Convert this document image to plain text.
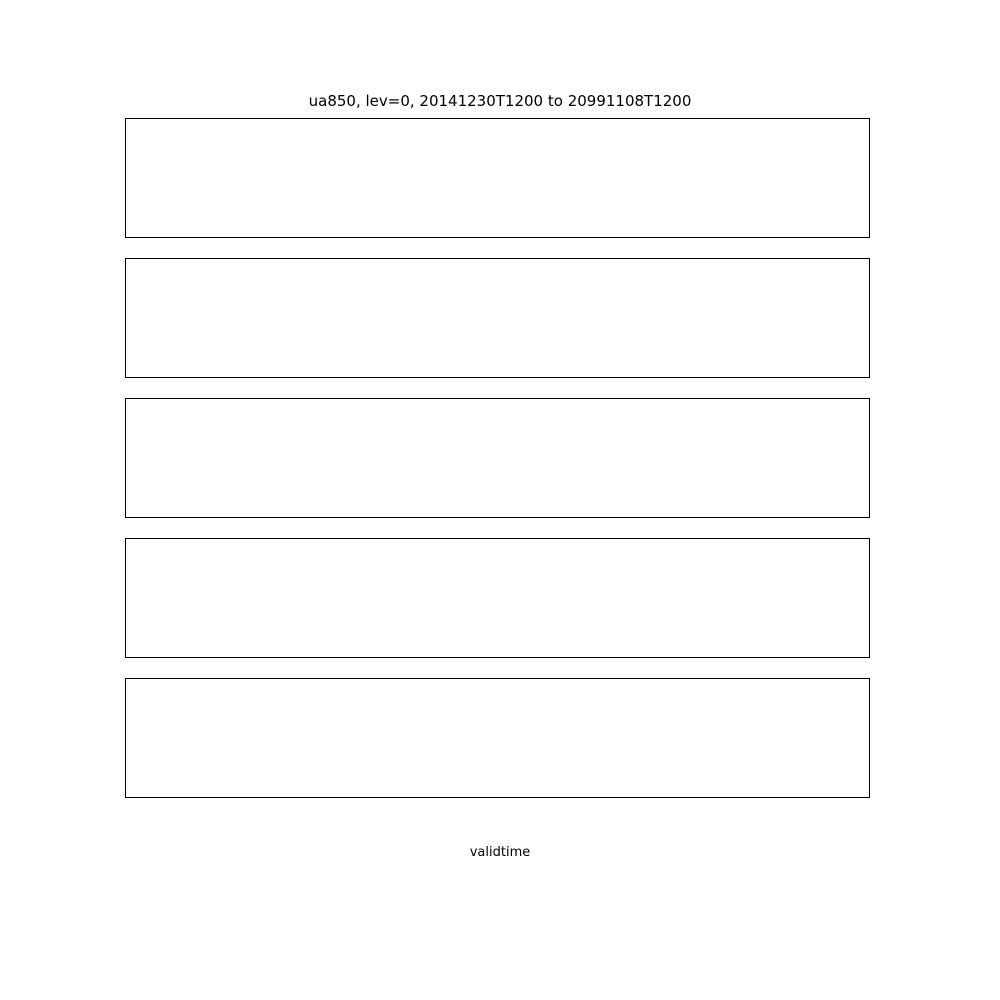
ua850, lev=0, 20141230T1200 to 20991108T1200
validtime
